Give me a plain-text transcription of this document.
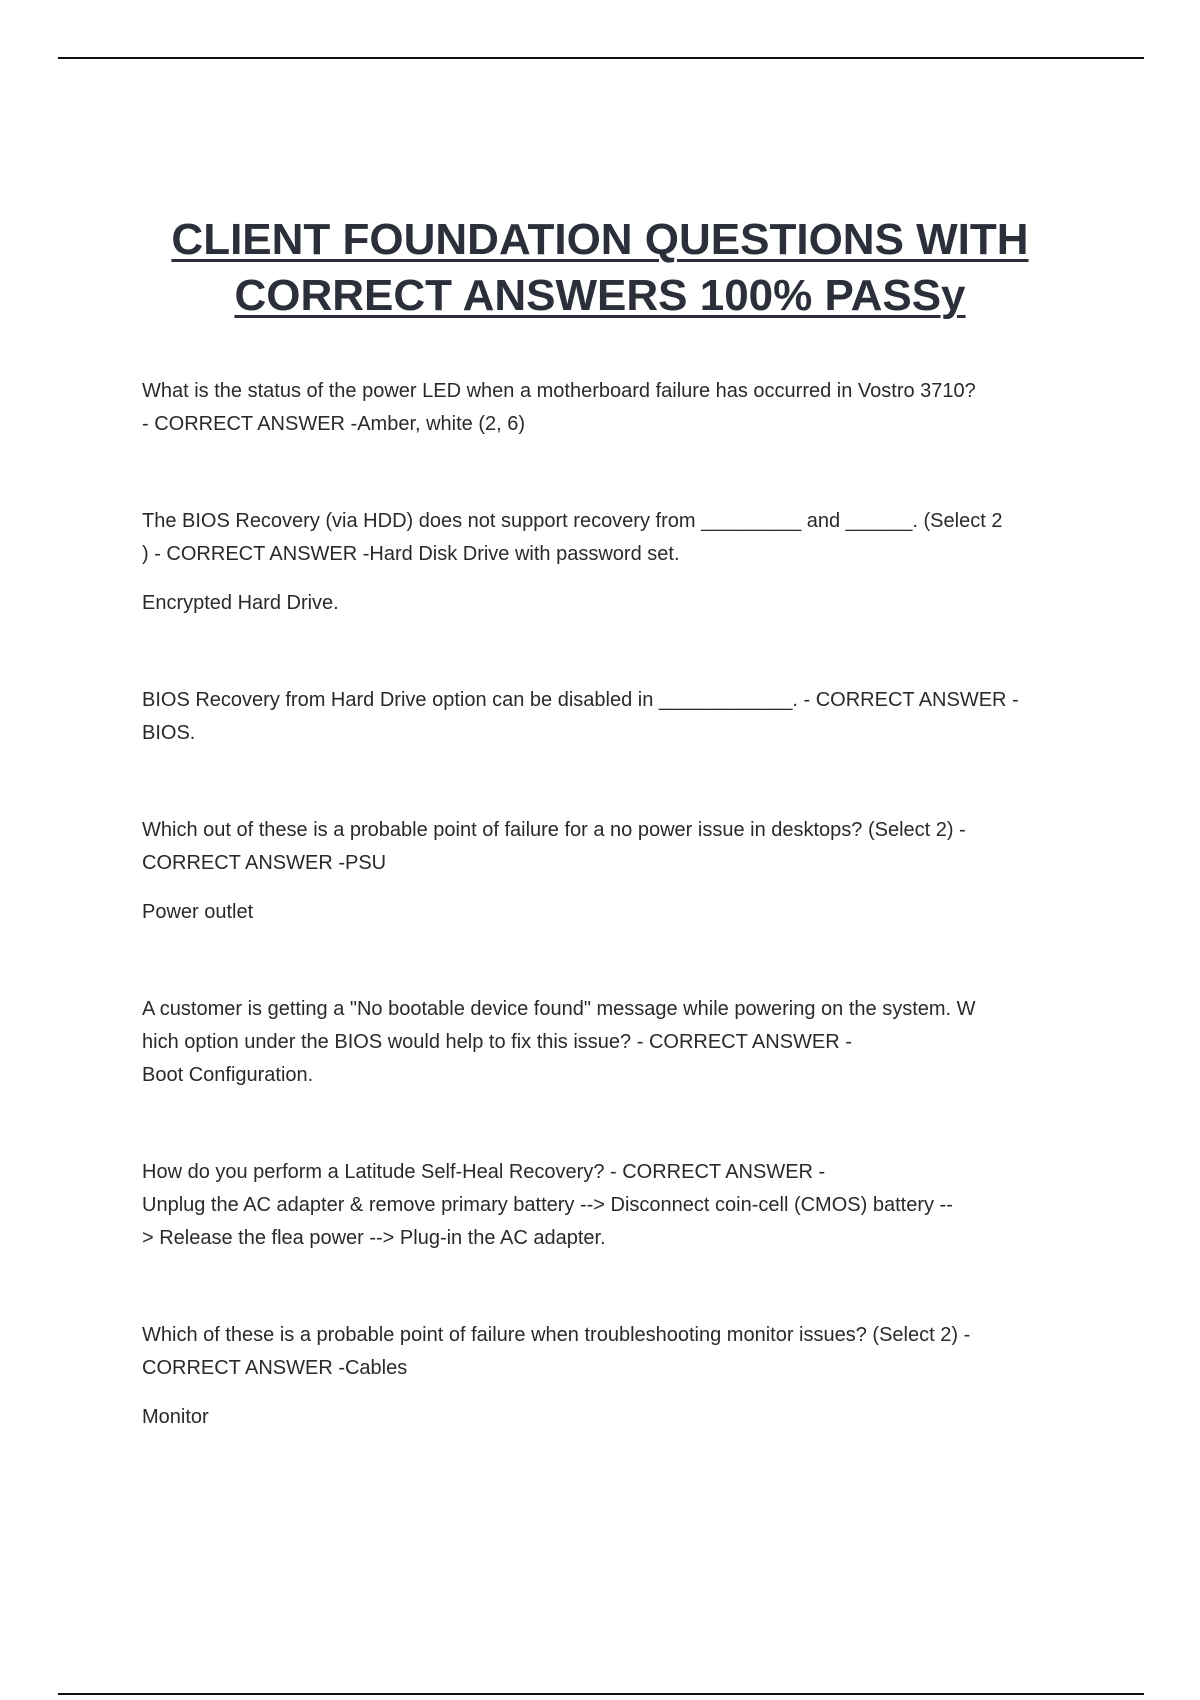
CLIENT FOUNDATION QUESTIONS WITH CORRECT ANSWERS 100% PASSy

What is the status of the power LED when a motherboard failure has occurred in Vostro 3710?
- CORRECT ANSWER -Amber, white (2, 6)

The BIOS Recovery (via HDD) does not support recovery from _________ and ______. (Select 2
) - CORRECT ANSWER -Hard Disk Drive with password set.

Encrypted Hard Drive.

BIOS Recovery from Hard Drive option can be disabled in ____________. - CORRECT ANSWER -
BIOS.

Which out of these is a probable point of failure for a no power issue in desktops? (Select 2) -
CORRECT ANSWER -PSU

Power outlet

A customer is getting a "No bootable device found" message while powering on the system. W
hich option under the BIOS would help to fix this issue? - CORRECT ANSWER -
Boot Configuration.

How do you perform a Latitude Self-Heal Recovery? - CORRECT ANSWER -
Unplug the AC adapter & remove primary battery --> Disconnect coin-cell (CMOS) battery --
> Release the flea power --> Plug-in the AC adapter.

Which of these is a probable point of failure when troubleshooting monitor issues? (Select 2) -
CORRECT ANSWER -Cables

Monitor
